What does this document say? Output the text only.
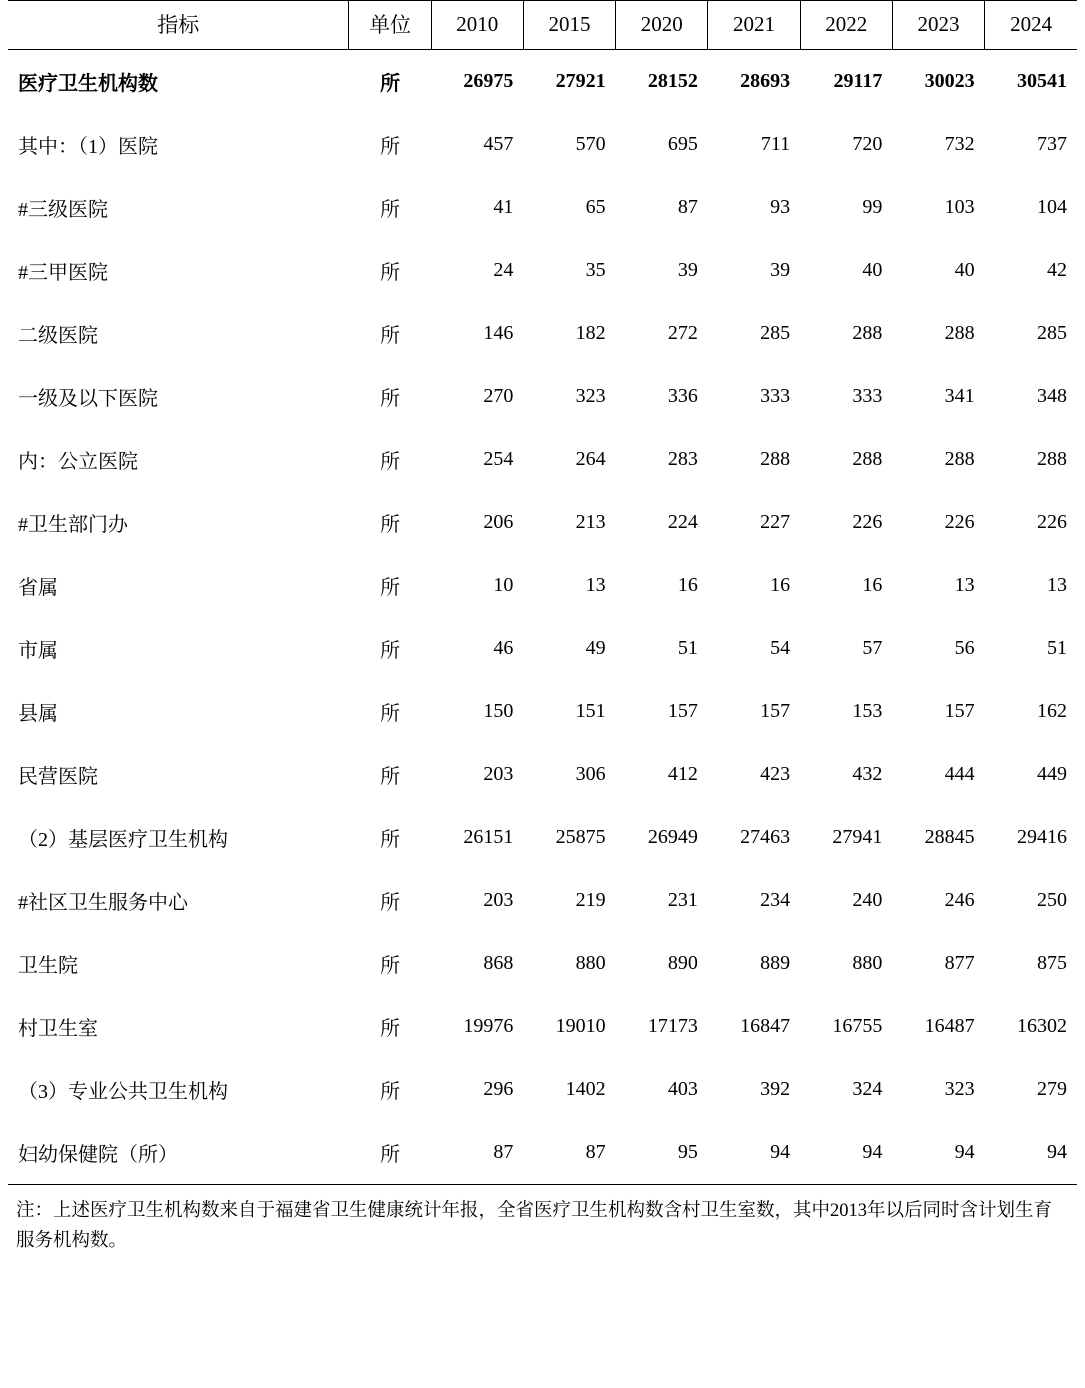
指标	单位	2010	2015	2020	2021	2022	2023	2024
医疗卫生机构数	所	26975	27921	28152	28693	29117	30023	30541
其中：（1）医院	所	457	570	695	711	720	732	737
#三级医院	所	41	65	87	93	99	103	104
#三甲医院	所	24	35	39	39	40	40	42
二级医院	所	146	182	272	285	288	288	285
一级及以下医院	所	270	323	336	333	333	341	348
内：公立医院	所	254	264	283	288	288	288	288
#卫生部门办	所	206	213	224	227	226	226	226
省属	所	10	13	16	16	16	13	13
市属	所	46	49	51	54	57	56	51
县属	所	150	151	157	157	153	157	162
民营医院	所	203	306	412	423	432	444	449
（2）基层医疗卫生机构	所	26151	25875	26949	27463	27941	28845	29416
#社区卫生服务中心	所	203	219	231	234	240	246	250
卫生院	所	868	880	890	889	880	877	875
村卫生室	所	19976	19010	17173	16847	16755	16487	16302
（3）专业公共卫生机构	所	296	1402	403	392	324	323	279
妇幼保健院（所）	所	87	87	95	94	94	94	94
注：上述医疗卫生机构数来自于福建省卫生健康统计年报，全省医疗卫生机构数含村卫生室数，其中2013年以后同时含计划生育服务机构数。
